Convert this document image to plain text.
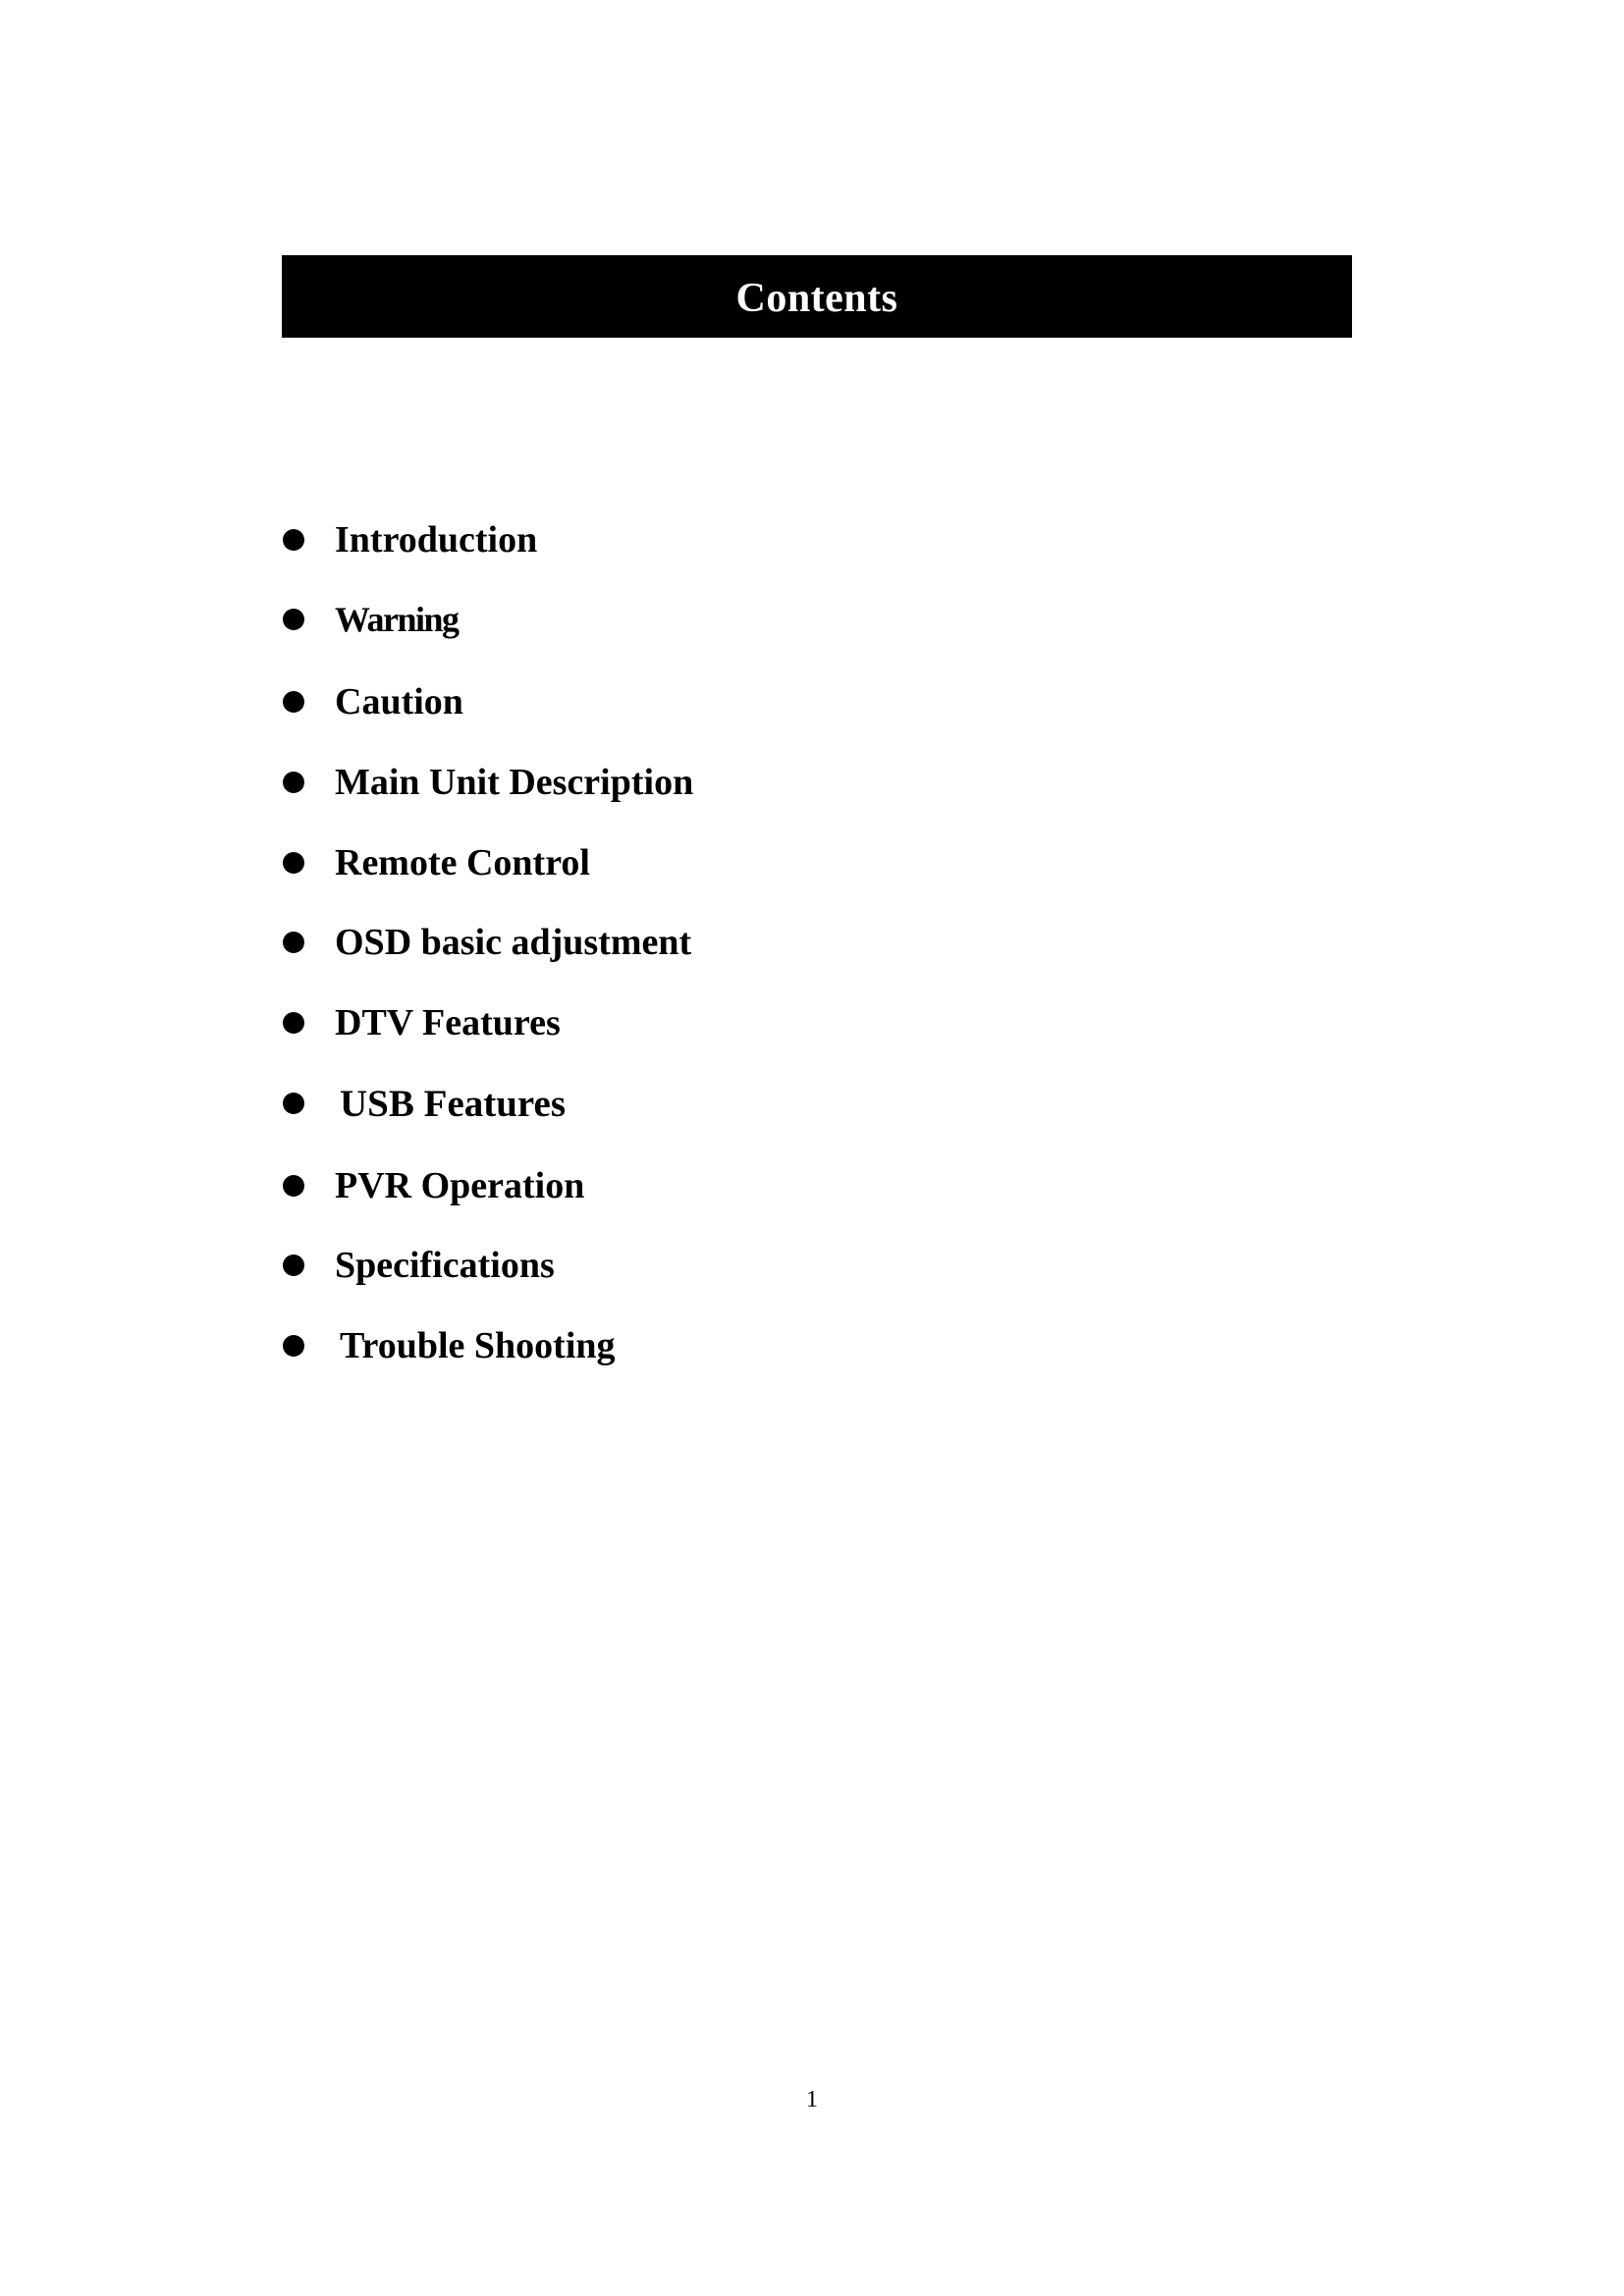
Contents
Introduction
Warning
Caution
Main Unit Description
Remote Control
OSD basic adjustment
DTV Features
USB Features
PVR Operation
Specifications
Trouble Shooting
1
